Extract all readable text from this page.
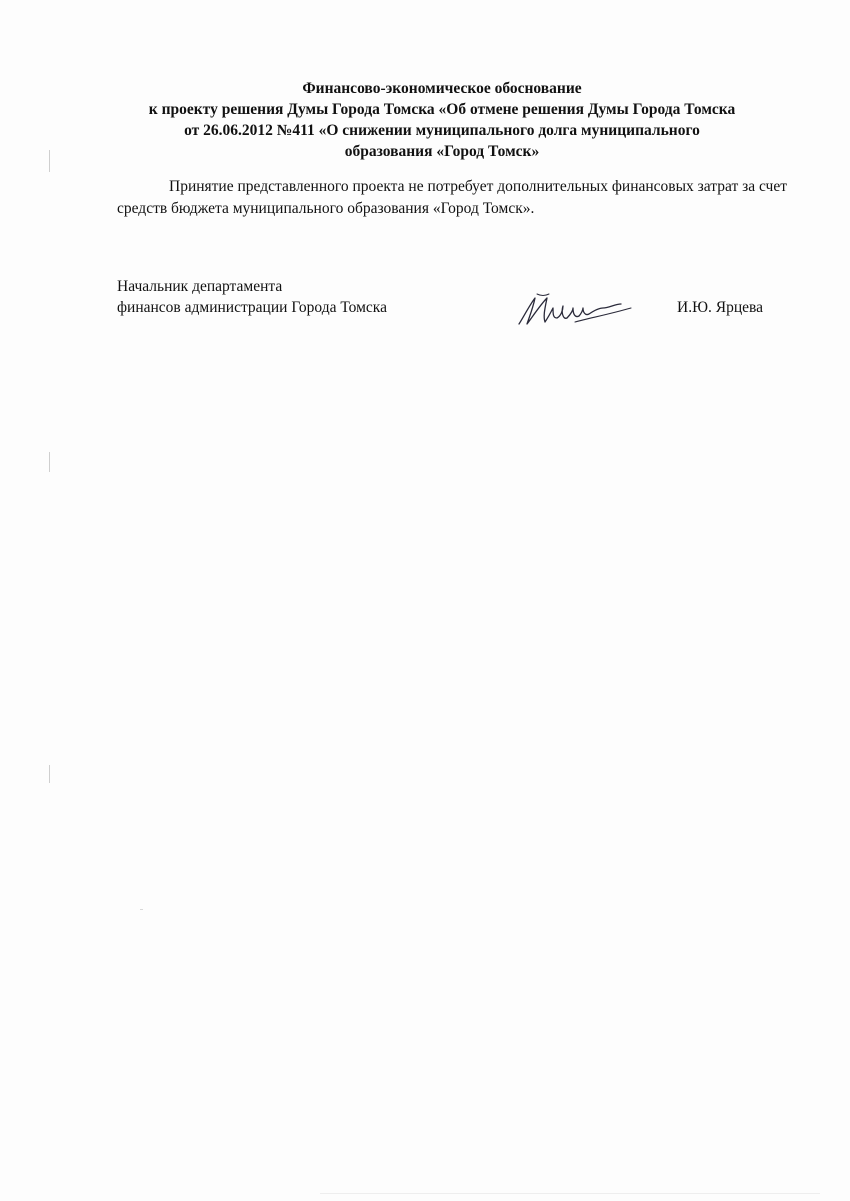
Финансово-экономическое обоснование
к проекту решения Думы Города Томска «Об отмене решения Думы Города Томска
от 26.06.2012 №411 «О снижении муниципального долга муниципального
образования «Город Томск»

Принятие представленного проекта не потребует дополнительных финансовых затрат за счет средств бюджета муниципального образования «Город Томск».

Начальник департамента
финансов администрации Города Томска	И.Ю. Ярцева
